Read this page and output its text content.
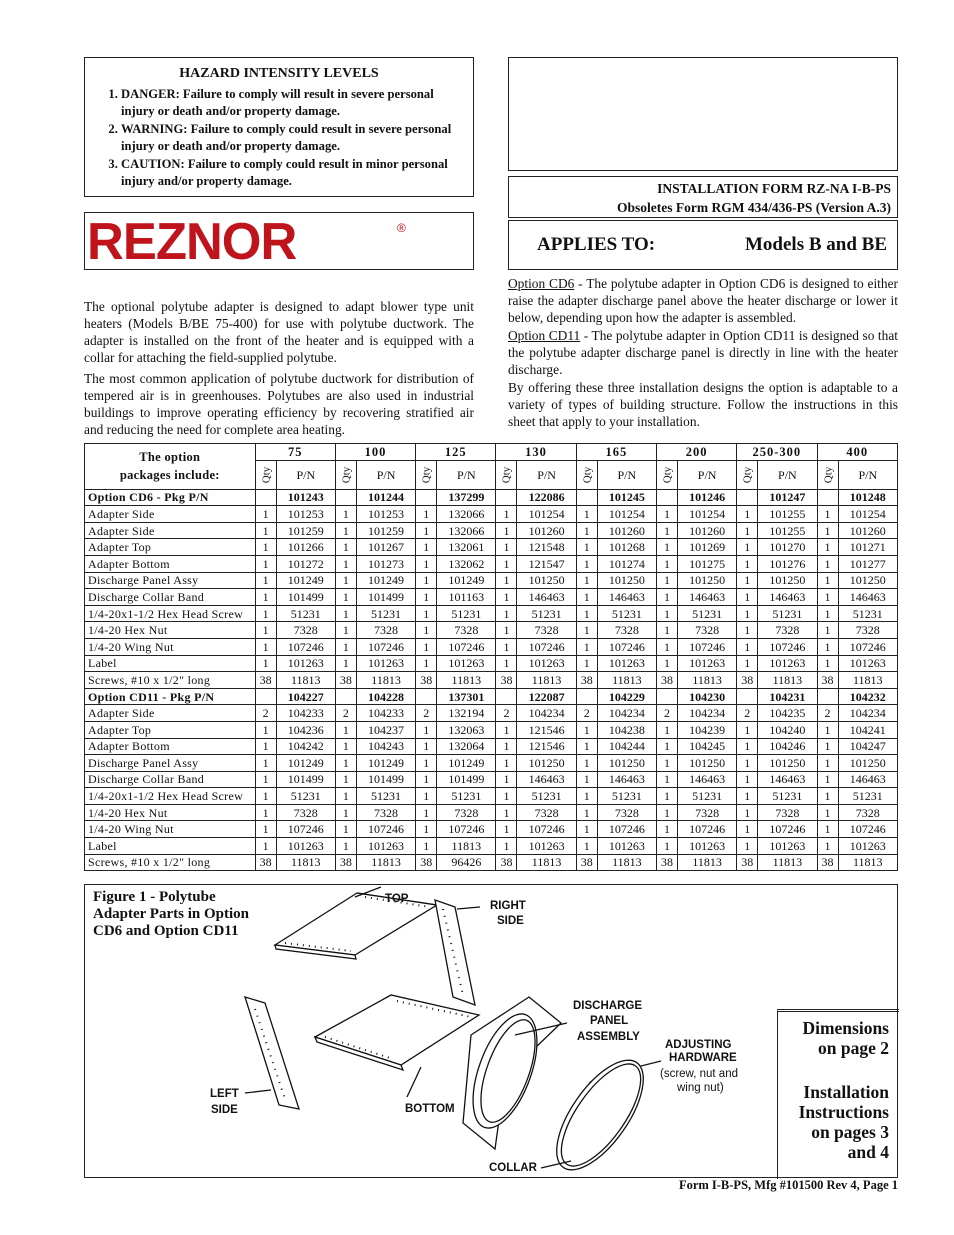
HAZARD INTENSITY LEVELS
1. DANGER: Failure to comply will result in severe personal injury or death and/or property damage.
2. WARNING: Failure to comply could result in severe personal injury or death and/or property damage.
3. CAUTION: Failure to comply could result in minor personal injury and/or property damage.
REZNOR	®
INSTALLATION FORM RZ-NA I-B-PS
Obsoletes Form RGM 434/436-PS (Version A.3)
APPLIES TO:	Models B and BE

The optional polytube adapter is designed to adapt blower type unit heaters (Models B/BE 75-400) for use with polytube ductwork. The adapter is installed on the front of the heater and is equipped with a collar for attaching the field-supplied polytube.

The most common application of polytube ductwork for distribution of tempered air is in greenhouses. Polytubes are also used in industrial buildings to improve operating efficiency by recovering stratified air and reducing the need for complete area heating.

Option CD6 - The polytube adapter in Option CD6 is designed to either raise the adapter discharge panel above the heater discharge or lower it below, depending upon how the adapter is assembled.

Option CD11 - The polytube adapter in Option CD11 is designed so that the polytube adapter discharge panel is directly in line with the heater discharge.

By offering these three installation designs the option is adaptable to a variety of types of building structure. Follow the instructions in this sheet that apply to your installation.

The option
packages include:	75		100		125		130		165		200		250-300		400	
	Qty	P/N	Qty	P/N	Qty	P/N	Qty	P/N	Qty	P/N	Qty	P/N	Qty	P/N	Qty	P/N
Option CD6 - Pkg P/N		101243		101244		137299		122086		101245		101246		101247		101248
Adapter Side	1	101253	1	101253	1	132066	1	101254	1	101254	1	101254	1	101255	1	101254
Adapter Side	1	101259	1	101259	1	132066	1	101260	1	101260	1	101260	1	101255	1	101260
Adapter Top	1	101266	1	101267	1	132061	1	121548	1	101268	1	101269	1	101270	1	101271
Adapter Bottom	1	101272	1	101273	1	132062	1	121547	1	101274	1	101275	1	101276	1	101277
Discharge Panel Assy	1	101249	1	101249	1	101249	1	101250	1	101250	1	101250	1	101250	1	101250
Discharge Collar Band	1	101499	1	101499	1	101163	1	146463	1	146463	1	146463	1	146463	1	146463
1/4-20x1-1/2 Hex Head Screw	1	51231	1	51231	1	51231	1	51231	1	51231	1	51231	1	51231	1	51231
1/4-20 Hex Nut	1	7328	1	7328	1	7328	1	7328	1	7328	1	7328	1	7328	1	7328
1/4-20 Wing Nut	1	107246	1	107246	1	107246	1	107246	1	107246	1	107246	1	107246	1	107246
Label	1	101263	1	101263	1	101263	1	101263	1	101263	1	101263	1	101263	1	101263
Screws, #10 x 1/2" long	38	11813	38	11813	38	11813	38	11813	38	11813	38	11813	38	11813	38	11813
Option CD11 - Pkg P/N		104227		104228		137301		122087		104229		104230		104231		104232
Adapter Side	2	104233	2	104233	2	132194	2	104234	2	104234	2	104234	2	104235	2	104234
Adapter Top	1	104236	1	104237	1	132063	1	121546	1	104238	1	104239	1	104240	1	104241
Adapter Bottom	1	104242	1	104243	1	132064	1	121546	1	104244	1	104245	1	104246	1	104247
Discharge Panel Assy	1	101249	1	101249	1	101249	1	101250	1	101250	1	101250	1	101250	1	101250
Discharge Collar Band	1	101499	1	101499	1	101499	1	146463	1	146463	1	146463	1	146463	1	146463
1/4-20x1-1/2 Hex Head Screw	1	51231	1	51231	1	51231	1	51231	1	51231	1	51231	1	51231	1	51231
1/4-20 Hex Nut	1	7328	1	7328	1	7328	1	7328	1	7328	1	7328	1	7328	1	7328
1/4-20 Wing Nut	1	107246	1	107246	1	107246	1	107246	1	107246	1	107246	1	107246	1	107246
Label	1	101263	1	101263	1	11813	1	101263	1	101263	1	101263	1	101263	1	101263
Screws, #10 x 1/2" long	38	11813	38	11813	38	96426	38	11813	38	11813	38	11813	38	11813	38	11813
Figure 1 - Polytube Adapter Parts in Option CD6 and Option CD11
TOP
RIGHT
SIDE
DISCHARGE
PANEL
ASSEMBLY
ADJUSTING
HARDWARE
(screw, nut and
wing nut)
LEFT
SIDE	BOTTOM
COLLAR
Dimensions
on page 2
Installation
Instructions
on pages 3
and 4
Form I-B-PS, Mfg #101500 Rev 4, Page 1
